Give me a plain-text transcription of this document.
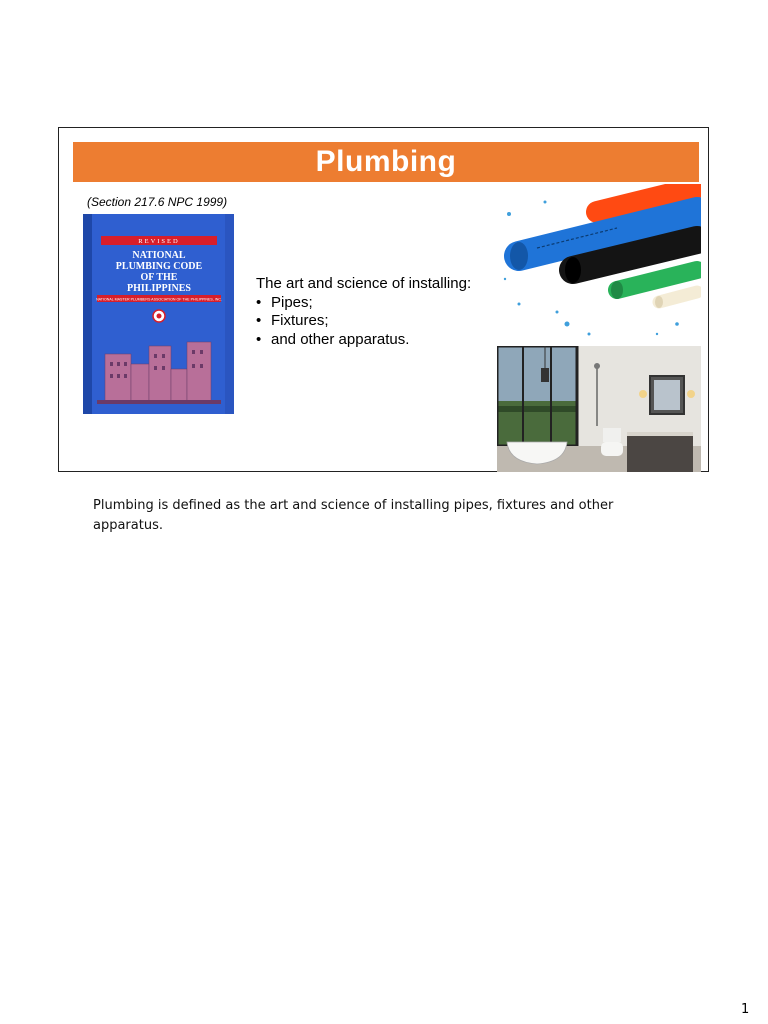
Plumbing
(Section 217.6 NPC 1999)
REVISED
NATIONAL
PLUMBING CODE
OF THE
PHILIPPINES
NATIONAL MASTER PLUMBERS ASSOCIATION OF THE PHILIPPINES, INC.
The art and science of installing:
• Pipes;
• Fixtures;
• and other apparatus.
Plumbing is defined as the art and science of installing pipes, fixtures and other apparatus.
1
